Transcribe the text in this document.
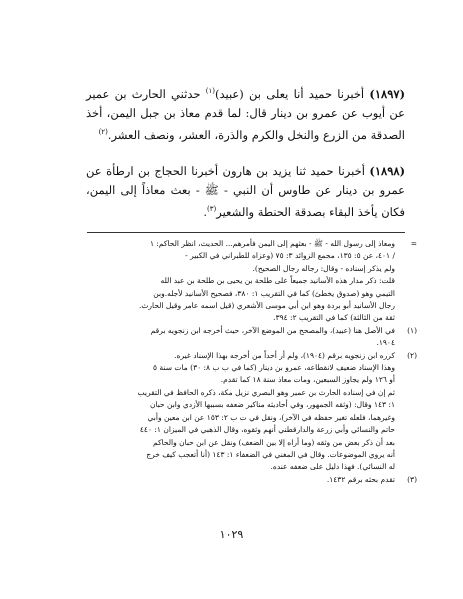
(١٨٩٧) أخبرنا حميد أنا يعلى بن (عبيد)$^{(١)}$ حدثني الحارث بن عمير عن أيوب عن عمرو بن دينار قال: لما قدم معاذ بن جبل اليمن، أخذ الصدقة من الزرع والنخل والكرم والذرة، العشر، ونصف العشر.$^{(٢)}$
(١٨٩٨) أخبرنا حميد ثنا يزيد بن هارون أخبرنا الحجاج بن ارطأة عن عمرو بن دينار عن طاوس أن النبي - ﷺ - بعث معاذاً إلى اليمن، فكان يأخذ البقاء بصدقة الحنطة والشعير$^{(٣)}$.
=
ومعاذ إلى رسول الله - ﷺ - بعثهم إلى اليمن فأمرهم... الحديث، انظر الحاكم: ١
/ ٤٠١، عن ٥: ١٣٥، مجمع الزوائد ٣: ٧٥ (وعزاه للطبراني في الكبير -
ولم يذكر إسناده - وقال: رجاله رجال الصحيح).
قلت: ذكر مدار هذه الأسانيد جميعاً على طلحة بن يحيى بن طلحة بن عبد الله
التيمي وهو (صدوق يخطئ) كما في التقريب ١: ٣٨٠، فصحيح الأسانيد لأجله.وبن
رجال الأسانيد أبو بردة وهو ابن أبي موسى الأشعري (قيل اسمه عامر وقيل الحارث.
ثقة من الثالثة) كما في التقريب ٢: ٣٩٤.
(١)
في الأصل هنا (عبيد)، والمصحح من الموضع الآخر، حيث أخرجه ابن زنجويه برقم
١٩٠٤.
(٢)
كرره ابن زنجويه برقم (١٩٠٤)، ولم أر أحداً من أخرجه بهذا الإسناد غيره.
وهذا الإسناد ضعيف لانقطاعه، عمرو بن دينار (كما في ب ب ٨: ٣٠) مات سنة ٥
أو ١٢٦ ولم يجاوز السبعين، ومات معاذ سنة ١٨ كما تقدم.
ثم إن في إسناده الحارث بن عمير وهو البصري نزيل مكة، ذكره الحافظ في التقريب
١: ١٤٣ وقال: (وثقه الجمهور، وفي أحاديثه مناكير ضعفه بسببها الأزدي وابن حبان
وغيرهما، فلعله تغير حفظه في الآخر)، ونقل في ت ب ٢: ١٥٣ عن ابن معين وأبي
حاتم والنسائي وأبي زرعة والدارقطني أنهم وثقوه، وقال الذهبي في الميزان ١: ٤٤٠
بعد أن ذكر بعض من وثقه (وما أراه إلا بين الضعف) ونقل عن ابن حبان والحاكم
أنه يروي الموضوعات. وقال في المغني في الضعفاء ١: ١٤٣ (أنا أتعجب كيف خرج
له النسائي). فهذا دليل على ضعفه عنده.
(٣)
تقدم بحثه برقم ١٤٣٢.
١٠٢٩
